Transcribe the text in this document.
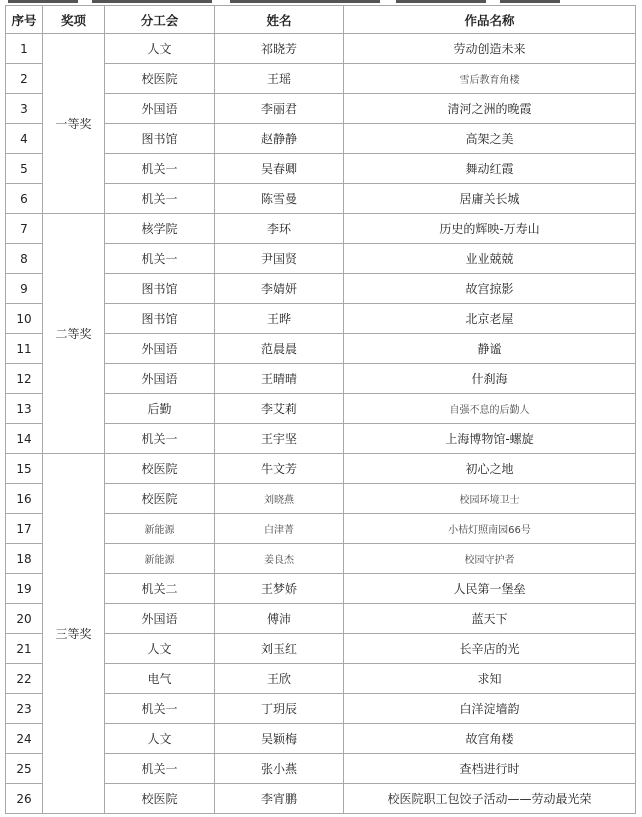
序号	奖项	分工会	姓名	作品名称
1	一等奖	人文	祁晓芳	劳动创造未来
2		校医院	王瑶	雪后教育角楼
3		外国语	李丽君	清河之洲的晚霞
4		图书馆	赵静静	高架之美
5		机关一	吴春卿	舞动红霞
6		机关一	陈雪曼	居庸关长城
7	二等奖	核学院	李环	历史的辉映-万寿山
8		机关一	尹国贤	业业兢兢
9		图书馆	李婧妍	故宫掠影
10		图书馆	王晔	北京老屋
11		外国语	范晨晨	静谧
12		外国语	王晴晴	什刹海
13		后勤	李艾莉	自强不息的后勤人
14		机关一	王宇坚	上海博物馆-螺旋
15	三等奖	校医院	牛文芳	初心之地
16		校医院	刘晓燕	校园环境卫士
17		新能源	白津菁	小桔灯照南园66号
18		新能源	姜良杰	校园守护者
19		机关二	王梦娇	人民第一堡垒
20		外国语	傅沛	蓝天下
21		人文	刘玉红	长辛店的光
22		电气	王欣	求知
23		机关一	丁玥辰	白洋淀墙韵
24		人文	吴颖梅	故宫角楼
25		机关一	张小燕	查档进行时
26		校医院	李宵鹏	校医院职工包饺子活动——劳动最光荣
